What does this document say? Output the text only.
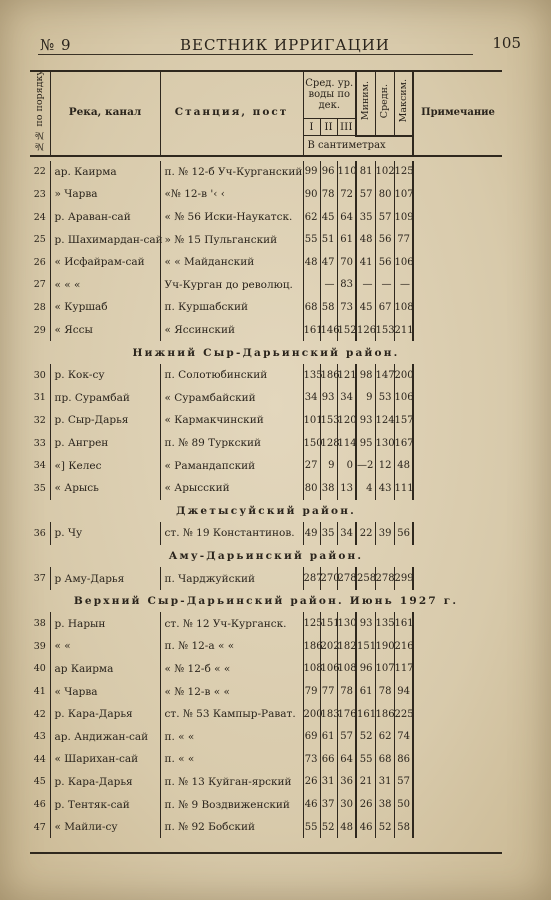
№ 9	ВЕСТНИК ИРРИГАЦИИ	105
№№ по порядку	Река, канал	Станция, пост	Сред. ур. воды по дек.			Миним.	Средн.	Максим.	Примечание
			I	II	III				
			В сантиметрах						

22	ар. Каирма	п. № 12-б Уч-Курганский	99	96	110	81	102	125	
23	» Чарва	«№ 12-в '‹ ‹	90	78	72	57	80	107	
24	р. Араван-сай	« № 56 Иски-Наукатск.	62	45	64	35	57	109	
25	р. Шахимардан-сай	» № 15 Пульганский	55	51	61	48	56	77	
26	« Исфайрам-сай	« « Майданский	48	47	70	41	56	106	
27	« « «	Уч-Курган до революц.		—	83	—	—	—	
28	« Куршаб	п. Куршабский	68	58	73	45	67	108	
29	« Яссы	« Яссинский	161	146	152	126	153	211	
Нижний Сыр-Дарьинский район.									
30	р. Кок-су	п. Солотюбинский	135	186	121	98	147	200	
31	пр. Сурамбай	« Сурамбайский	34	93	34	9	53	106	
32	р. Сыр-Дарья	« Кармакчинский	101	153	120	93	124	157	
33	р. Ангрен	п. № 89 Туркский	150	128	114	95	130	167	
34	«] Келес	« Рамандапский	27	9	0	—2	12	48	
35	« Арысь	« Арысский	80	38	13	4	43	111	
Джетысуйский район.									
36	р. Чу	ст. № 19 Константинов.	49	35	34	22	39	56	
Аму-Дарьинский район.									
37	р Аму-Дарья	п. Чарджуйский	287	270	278	258	278	299	
Верхний Сыр-Дарьинский район. Июнь 1927 г.									
38	р. Нарын	ст. № 12 Уч-Курганск.	125	151	130	93	135	161	
39	« «	п. № 12-а « «	186	202	182	151	190	216	
40	ар Каирма	« № 12-б « «	108	106	108	96	107	117	
41	« Чарва	« № 12-в « «	79	77	78	61	78	94	
42	р. Кара-Дарья	ст. № 53 Кампыр-Рават.	200	183	176	161	186	225	
43	ар. Андижан-сай	п. « «	69	61	57	52	62	74	
44	« Шарихан-сай	п. « «	73	66	64	55	68	86	
45	р. Кара-Дарья	п. № 13 Куйган-ярский	26	31	36	21	31	57	
46	р. Тентяк-сай	п. № 9 Воздвиженский	46	37	30	26	38	50	
47	« Майли-су	п. № 92 Бобский	55	52	48	46	52	58	
